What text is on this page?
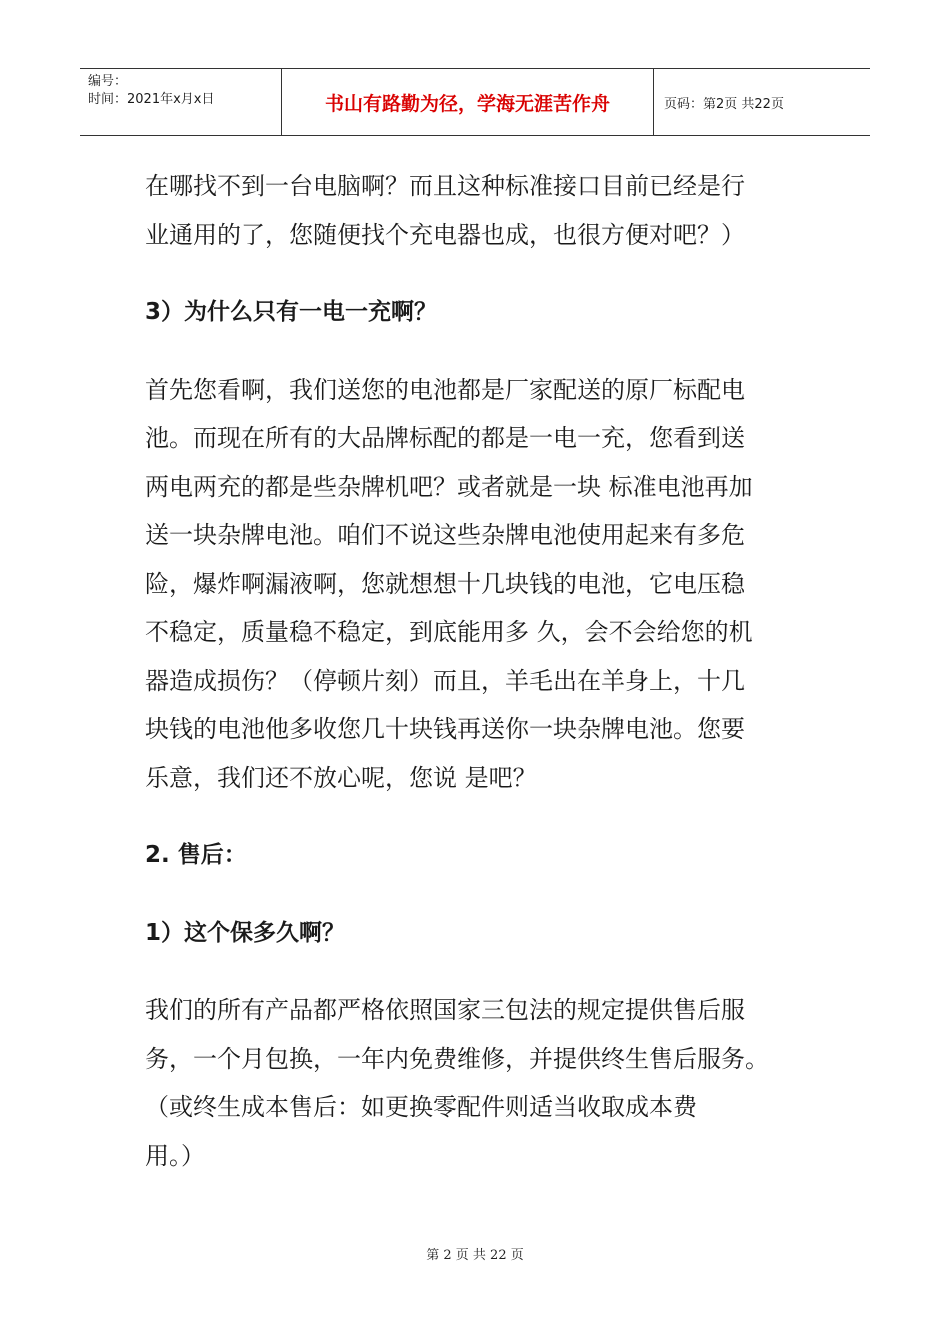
编号：
时间：2021年x月x日	书山有路勤为径，学海无涯苦作舟	页码：第2页 共22页
在哪找不到一台电脑啊？而且这种标准接口目前已经是行
业通用的了，您随便找个充电器也成，也很方便对吧？）
3）为什么只有一电一充啊？
首先您看啊，我们送您的电池都是厂家配送的原厂标配电
池。而现在所有的大品牌标配的都是一电一充，您看到送
两电两充的都是些杂牌机吧？或者就是一块 标准电池再加
送一块杂牌电池。咱们不说这些杂牌电池使用起来有多危
险，爆炸啊漏液啊，您就想想十几块钱的电池，它电压稳
不稳定，质量稳不稳定，到底能用多 久，会不会给您的机
器造成损伤？（停顿片刻）而且，羊毛出在羊身上，十几
块钱的电池他多收您几十块钱再送你一块杂牌电池。您要
乐意，我们还不放心呢，您说 是吧？
2. 售后：
1）这个保多久啊？
我们的所有产品都严格依照国家三包法的规定提供售后服
务，一个月包换，一年内免费维修，并提供终生售后服务。
（或终生成本售后：如更换零配件则适当收取成本费
用。）
第 2 页 共 22 页
